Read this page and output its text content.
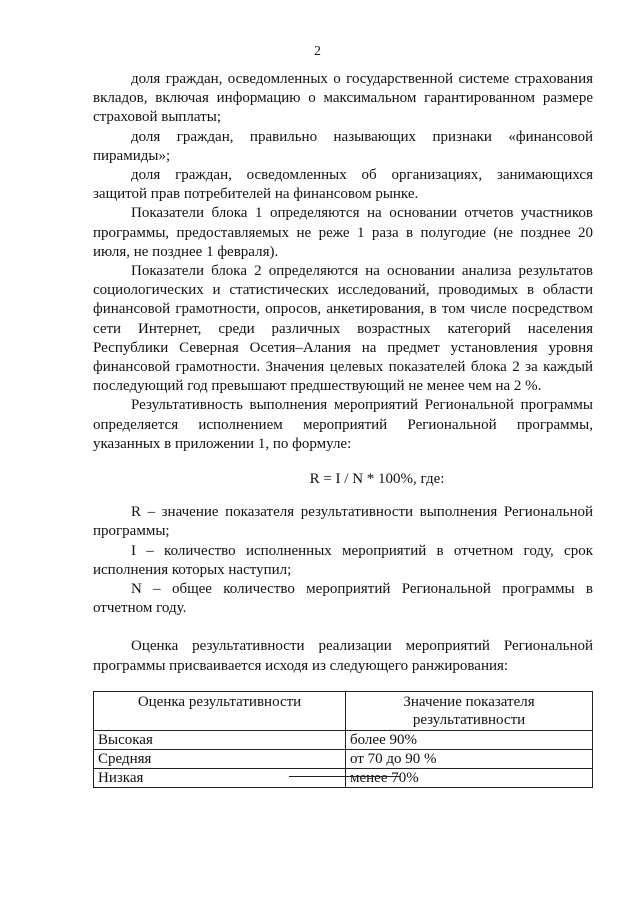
2

доля граждан, осведомленных о государственной системе страхования вкладов, включая информацию о максимальном гарантированном размере страховой выплаты;

доля граждан, правильно называющих признаки «финансовой пирамиды»;

доля граждан, осведомленных об организациях, занимающихся защитой прав потребителей на финансовом рынке.

Показатели блока 1 определяются на основании отчетов участников программы, предоставляемых не реже 1 раза в полугодие (не позднее 20 июля, не позднее 1 февраля).

Показатели блока 2 определяются на основании анализа результатов социологических и статистических исследований, проводимых в области финансовой грамотности, опросов, анкетирования, в том числе посредством сети Интернет, среди различных возрастных категорий населения Республики Северная Осетия–Алания на предмет установления уровня финансовой грамотности. Значения целевых показателей блока 2 за каждый последующий год превышают предшествующий не менее чем на 2 %.

Результативность выполнения мероприятий Региональной программы определяется исполнением мероприятий Региональной программы, указанных в приложении 1, по формуле:

R = I / N * 100%, где:

R – значение показателя результативности выполнения Региональной программы;

I – количество исполненных мероприятий в отчетном году, срок исполнения которых наступил;

N – общее количество мероприятий Региональной программы в отчетном году.

Оценка результативности реализации мероприятий Региональной программы присваивается исходя из следующего ранжирования:

Оценка результативности	Значение показателя результативности
Высокая	более 90%
Средняя	от 70 до 90 %
Низкая	менее 70%
